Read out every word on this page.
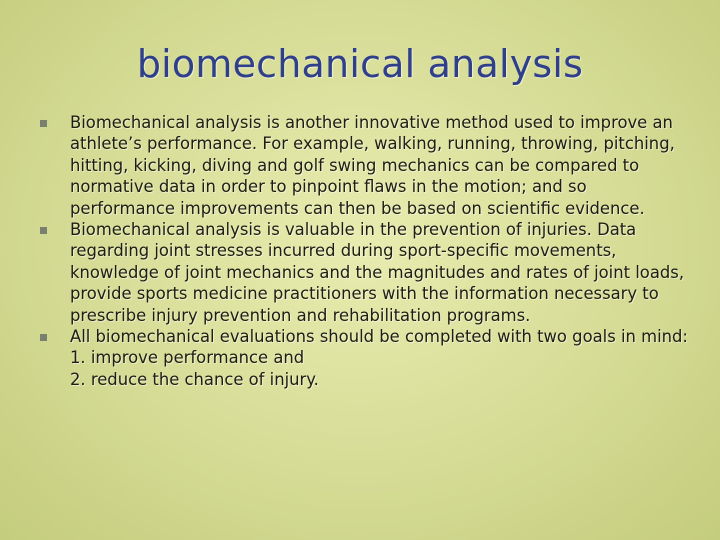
biomechanical analysis

Biomechanical analysis is another innovative method used to improve an athlete’s performance. For example, walking, running, throwing, pitching, hitting, kicking, diving and golf swing mechanics can be compared to normative data in order to pinpoint flaws in the motion; and so performance improvements can then be based on scientific evidence.

Biomechanical analysis is valuable in the prevention of injuries. Data regarding joint stresses incurred during sport-specific movements, knowledge of joint mechanics and the magnitudes and rates of joint loads, provide sports medicine practitioners with the information necessary to prescribe injury prevention and rehabilitation programs.

All biomechanical evaluations should be completed with two goals in mind:

1. improve performance and

2. reduce the chance of injury.
